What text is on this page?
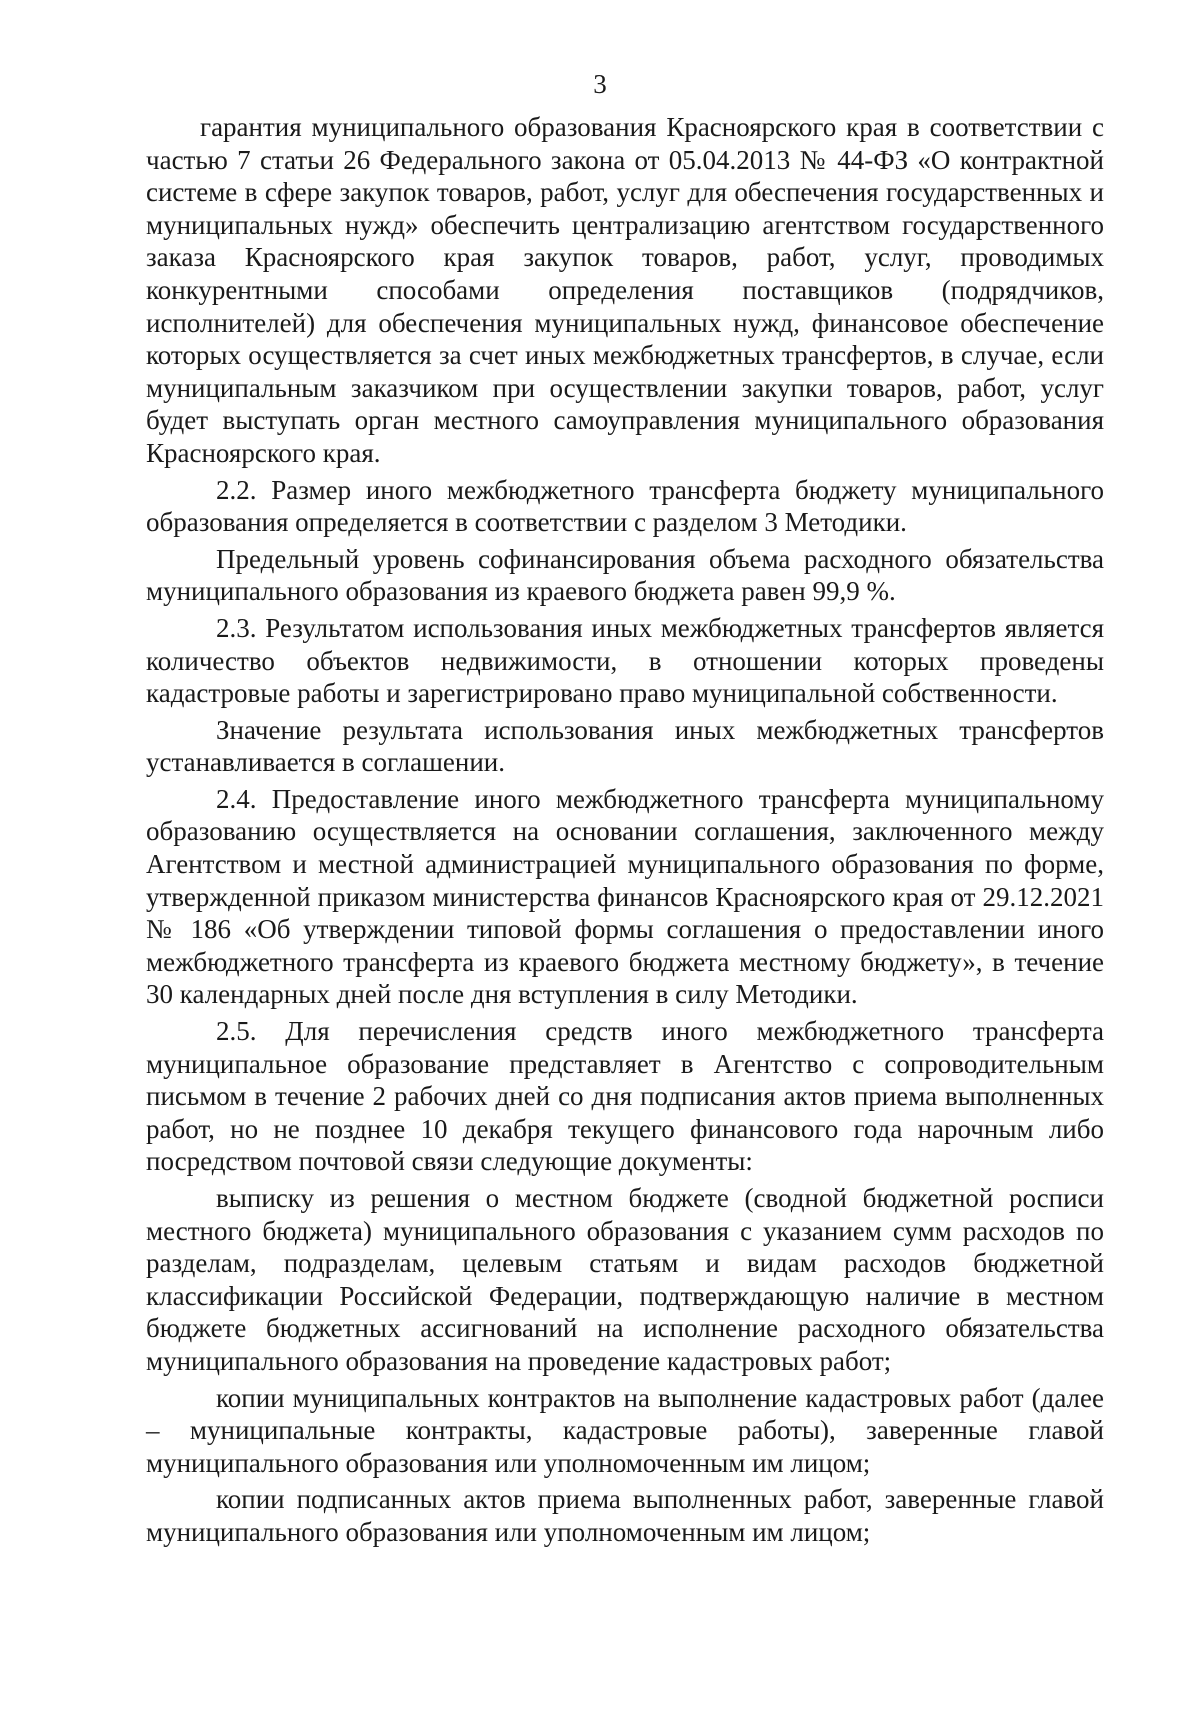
3

гарантия муниципального образования Красноярского края в соответствии с частью 7 статьи 26 Федерального закона от 05.04.2013 № 44-ФЗ «О контрактной системе в сфере закупок товаров, работ, услуг для обеспечения государственных и муниципальных нужд» обеспечить централизацию агентством государственного заказа Красноярского края закупок товаров, работ, услуг, проводимых конкурентными способами определения поставщиков (подрядчиков, исполнителей) для обеспечения муниципальных нужд, финансовое обеспечение которых осуществляется за счет иных межбюджетных трансфертов, в случае, если муниципальным заказчиком при осуществлении закупки товаров, работ, услуг будет выступать орган местного самоуправления муниципального образования Красноярского края.

2.2. Размер иного межбюджетного трансферта бюджету муниципального образования определяется в соответствии с разделом 3 Методики.

Предельный уровень софинансирования объема расходного обязательства муниципального образования из краевого бюджета равен 99,9 %.

2.3. Результатом использования иных межбюджетных трансфертов является количество объектов недвижимости, в отношении которых проведены кадастровые работы и зарегистрировано право муниципальной собственности.

Значение результата использования иных межбюджетных трансфертов устанавливается в соглашении.

2.4. Предоставление иного межбюджетного трансферта муниципальному образованию осуществляется на основании соглашения, заключенного между Агентством и местной администрацией муниципального образования по форме, утвержденной приказом министерства финансов Красноярского края от 29.12.2021 № 186 «Об утверждении типовой формы соглашения о предоставлении иного межбюджетного трансферта из краевого бюджета местному бюджету», в течение 30 календарных дней после дня вступления в силу Методики.

2.5. Для перечисления средств иного межбюджетного трансферта муниципальное образование представляет в Агентство с сопроводительным письмом в течение 2 рабочих дней со дня подписания актов приема выполненных работ, но не позднее 10 декабря текущего финансового года нарочным либо посредством почтовой связи следующие документы:

выписку из решения о местном бюджете (сводной бюджетной росписи местного бюджета) муниципального образования с указанием сумм расходов по разделам, подразделам, целевым статьям и видам расходов бюджетной классификации Российской Федерации, подтверждающую наличие в местном бюджете бюджетных ассигнований на исполнение расходного обязательства муниципального образования на проведение кадастровых работ;

копии муниципальных контрактов на выполнение кадастровых работ (далее – муниципальные контракты, кадастровые работы), заверенные главой муниципального образования или уполномоченным им лицом;

копии подписанных актов приема выполненных работ, заверенные главой муниципального образования или уполномоченным им лицом;
